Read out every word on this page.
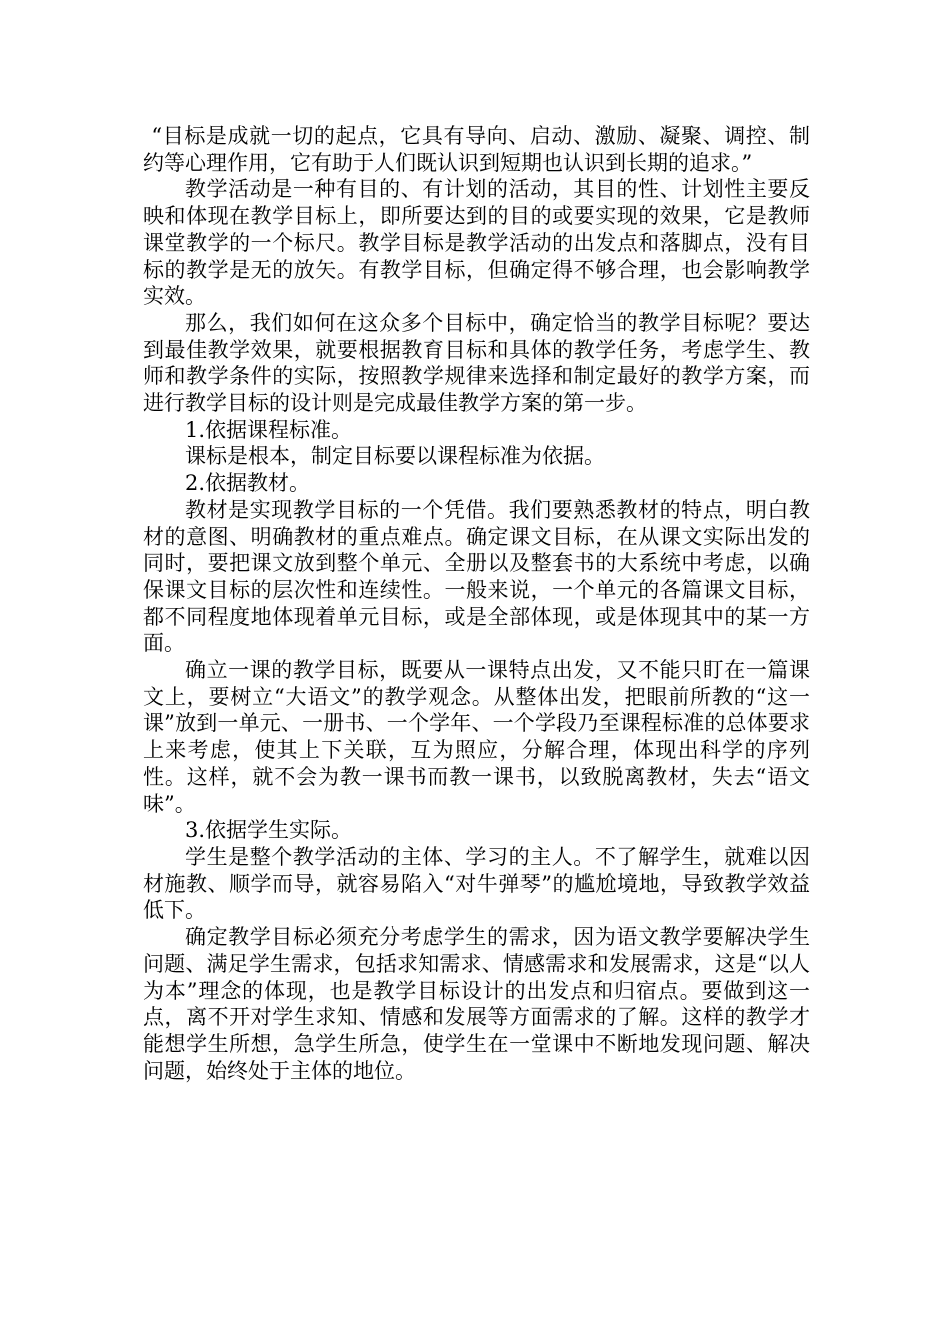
“目标是成就一切的起点，它具有导向、启动、激励、凝聚、调控、制约等心理作用，它有助于人们既认识到短期也认识到长期的追求。”

教学活动是一种有目的、有计划的活动，其目的性、计划性主要反映和体现在教学目标上，即所要达到的目的或要实现的效果，它是教师课堂教学的一个标尺。教学目标是教学活动的出发点和落脚点，没有目标的教学是无的放矢。有教学目标，但确定得不够合理，也会影响教学实效。

那么，我们如何在这众多个目标中，确定恰当的教学目标呢？要达到最佳教学效果，就要根据教育目标和具体的教学任务，考虑学生、教师和教学条件的实际，按照教学规律来选择和制定最好的教学方案，而进行教学目标的设计则是完成最佳教学方案的第一步。

1.依据课程标准。

课标是根本，制定目标要以课程标准为依据。

2.依据教材。

教材是实现教学目标的一个凭借。我们要熟悉教材的特点，明白教材的意图、明确教材的重点难点。确定课文目标，在从课文实际出发的同时，要把课文放到整个单元、全册以及整套书的大系统中考虑，以确保课文目标的层次性和连续性。一般来说，一个单元的各篇课文目标，都不同程度地体现着单元目标，或是全部体现，或是体现其中的某一方面。

确立一课的教学目标，既要从一课特点出发，又不能只盯在一篇课文上，要树立“大语文”的教学观念。从整体出发，把眼前所教的“这一课”放到一单元、一册书、一个学年、一个学段乃至课程标准的总体要求上来考虑，使其上下关联，互为照应，分解合理，体现出科学的序列性。这样，就不会为教一课书而教一课书，以致脱离教材，失去“语文味”。

3.依据学生实际。

学生是整个教学活动的主体、学习的主人。不了解学生，就难以因材施教、顺学而导，就容易陷入“对牛弹琴”的尴尬境地，导致教学效益低下。

确定教学目标必须充分考虑学生的需求，因为语文教学要解决学生问题、满足学生需求，包括求知需求、情感需求和发展需求，这是“以人为本”理念的体现，也是教学目标设计的出发点和归宿点。要做到这一点，离不开对学生求知、情感和发展等方面需求的了解。这样的教学才能想学生所想，急学生所急，使学生在一堂课中不断地发现问题、解决问题，始终处于主体的地位。
